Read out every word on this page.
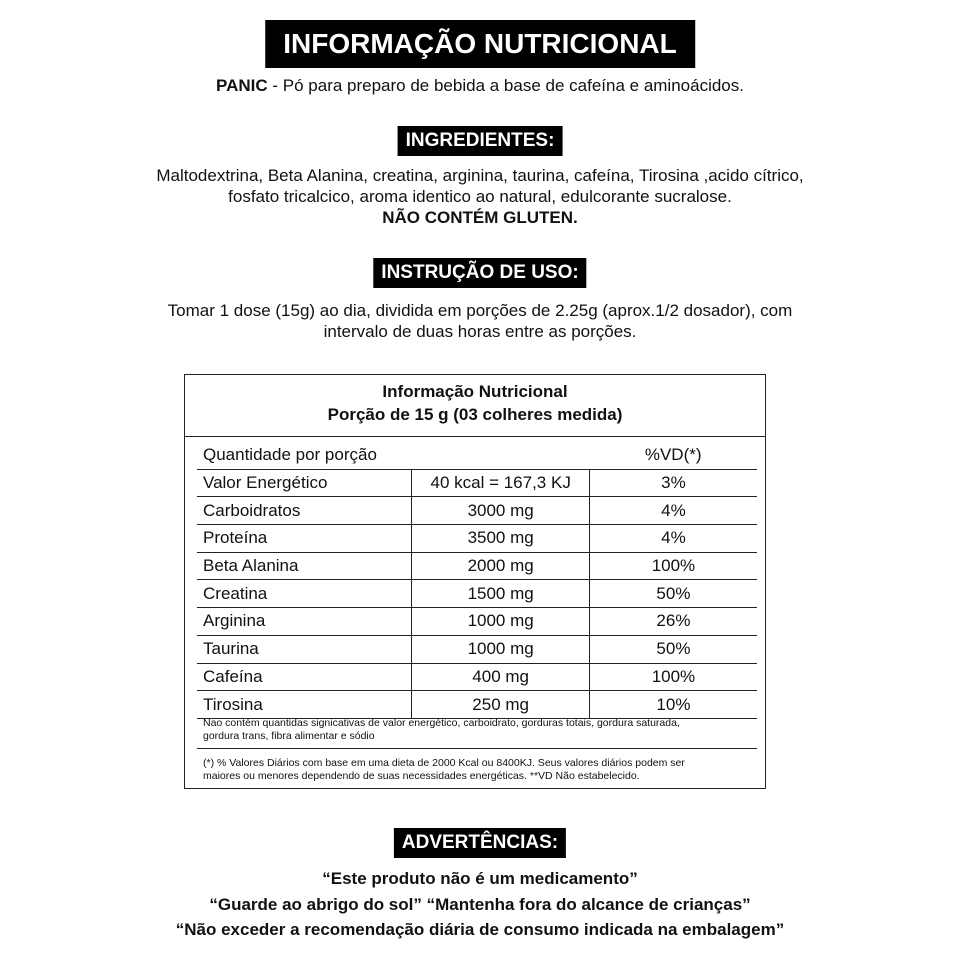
INFORMAÇÃO NUTRICIONAL
PANIC - Pó para preparo de bebida a base de cafeína e aminoácidos.
INGREDIENTES:
Maltodextrina, Beta Alanina, creatina, arginina, taurina, cafeína, Tirosina ,acido cítrico,
fosfato tricalcico, aroma identico ao natural, edulcorante sucralose.
NÃO CONTÉM GLUTEN.
INSTRUÇÃO DE USO:
Tomar 1 dose (15g) ao dia, dividida em porções de 2.25g (aprox.1/2 dosador), com
intervalo de duas horas entre as porções.
Informação Nutricional
Porção de 15 g (03 colheres medida)
Quantidade por porção		%VD(*)
Valor Energético	40 kcal = 167,3 KJ	3%
Carboidratos	3000 mg	4%
Proteína	3500 mg	4%
Beta Alanina	2000 mg	100%
Creatina	1500 mg	50%
Arginina	1000 mg	26%
Taurina	1000 mg	50%
Cafeína	400 mg	100%
Tirosina	250 mg	10%
Nao contém quantidas signicativas de valor energético, carboidrato, gorduras totais, gordura saturada,
gordura trans, fibra alimentar e sódio
(*) % Valores Diários com base em uma dieta de 2000 Kcal ou 8400KJ. Seus valores diários podem ser
maiores ou menores dependendo de suas necessidades energéticas. **VD Não estabelecido.
ADVERTÊNCIAS:
“Este produto não é um medicamento”
“Guarde ao abrigo do sol” “Mantenha fora do alcance de crianças”
“Não exceder a recomendação diária de consumo indicada na embalagem”
